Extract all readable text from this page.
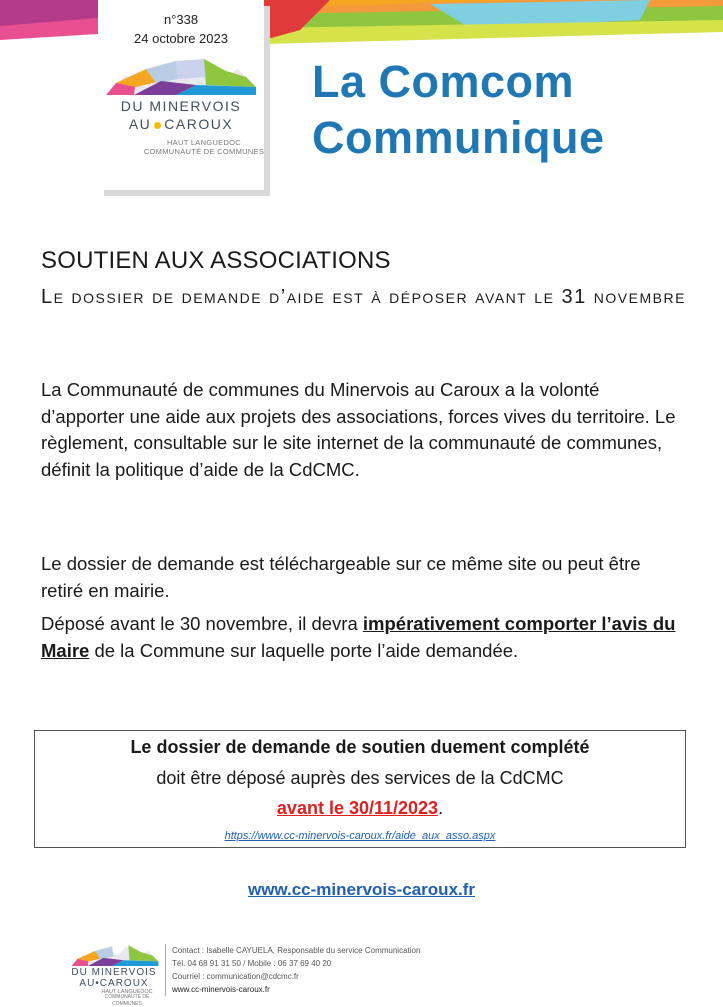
n°338
24 octobre 2023
DU MINERVOIS
AU CAROUX
HAUT LANGUEDOC
COMMUNAUTÉ DE COMMUNES
La Comcom
Communique
SOUTIEN AUX ASSOCIATIONS

Le dossier de demande d’aide est à déposer avant le 31 novembre

La Communauté de communes du Minervois au Caroux a la volonté d’apporter une aide aux projets des associations, forces vives du territoire. Le règlement, consultable sur le site internet de la communauté de communes, définit la politique d’aide de la CdCMC.

Le dossier de demande est téléchargeable sur ce même site ou peut être retiré en mairie.

Déposé avant le 30 novembre, il devra impérativement comporter l’avis du Maire de la Commune sur laquelle porte l’aide demandée.

Le dossier de demande de soutien duement complété
doit être déposé auprès des services de la CdCMC
avant le 30/11/2023.
https://www.cc-minervois-caroux.fr/aide_aux_asso.aspx
www.cc-minervois-caroux.fr
DU MINERVOIS
AU•CAROUX
HAUT LANGUEDOC
COMMUNAUTÉ DE COMMUNES
Contact : Isabelle CAYUELA, Responsable du service Communication
Tél. 04 68 91 31 50 / Mobile : 06 37 69 40 20
Courriel : communication@cdcmc.fr
www.cc-minervois-caroux.fr
